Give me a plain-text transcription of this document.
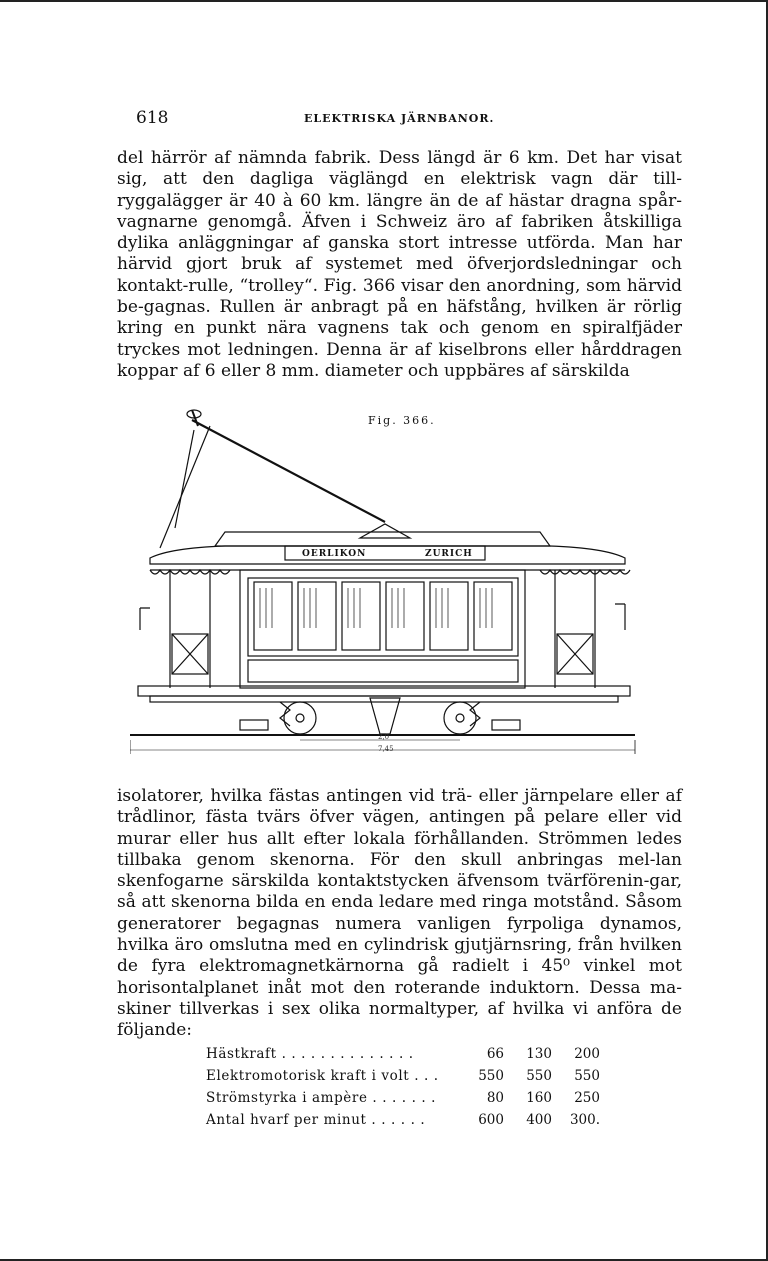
618	ELEKTRISKA JÄRNBANOR.

del härrör af nämnda fabrik. Dess längd är 6 km. Det har visat sig, att den dagliga väglängd en elektrisk vagn där till-ryggalägger är 40 à 60 km. längre än de af hästar dragna spår-vagnarne genomgå. Äfven i Schweiz äro af fabriken åtskilliga dylika anläggningar af ganska stort intresse utförda. Man har härvid gjort bruk af systemet med öfverjordsledningar och kontakt-rulle, “trolley“. Fig. 366 visar den anordning, som härvid be-gagnas. Rullen är anbragt på en häfstång, hvilken är rörlig kring en punkt nära vagnens tak och genom en spiralfjäder tryckes mot ledningen. Denna är af kiselbrons eller hårddragen koppar af 6 eller 8 mm. diameter och uppbäres af särskilda

Fig. 366.
OERLIKON	ZURICH
2,0
7,45

isolatorer, hvilka fästas antingen vid trä- eller järnpelare eller af trådlinor, fästa tvärs öfver vägen, antingen på pelare eller vid murar eller hus allt efter lokala förhållanden. Strömmen ledes tillbaka genom skenorna. För den skull anbringas mel-lan skenfogarne särskilda kontaktstycken äfvensom tvärförenin-gar, så att skenorna bilda en enda ledare med ringa motstånd. Såsom generatorer begagnas numera vanligen fyrpoliga dynamos, hvilka äro omslutna med en cylindrisk gjutjärnsring, från hvilken de fyra elektromagnetkärnorna gå radielt i 45⁰ vinkel mot horisontalplanet inåt mot den roterande induktorn. Dessa ma-skiner tillverkas i sex olika normaltyper, af hvilka vi anföra de följande:

Hästkraft . . . . . . . . . . . . . .	66	130	200
Elektromotorisk kraft i volt . . .	550	550	550
Strömstyrka i ampère . . . . . . .	80	160	250
Antal hvarf per minut . . . . . .	600	400	300.
